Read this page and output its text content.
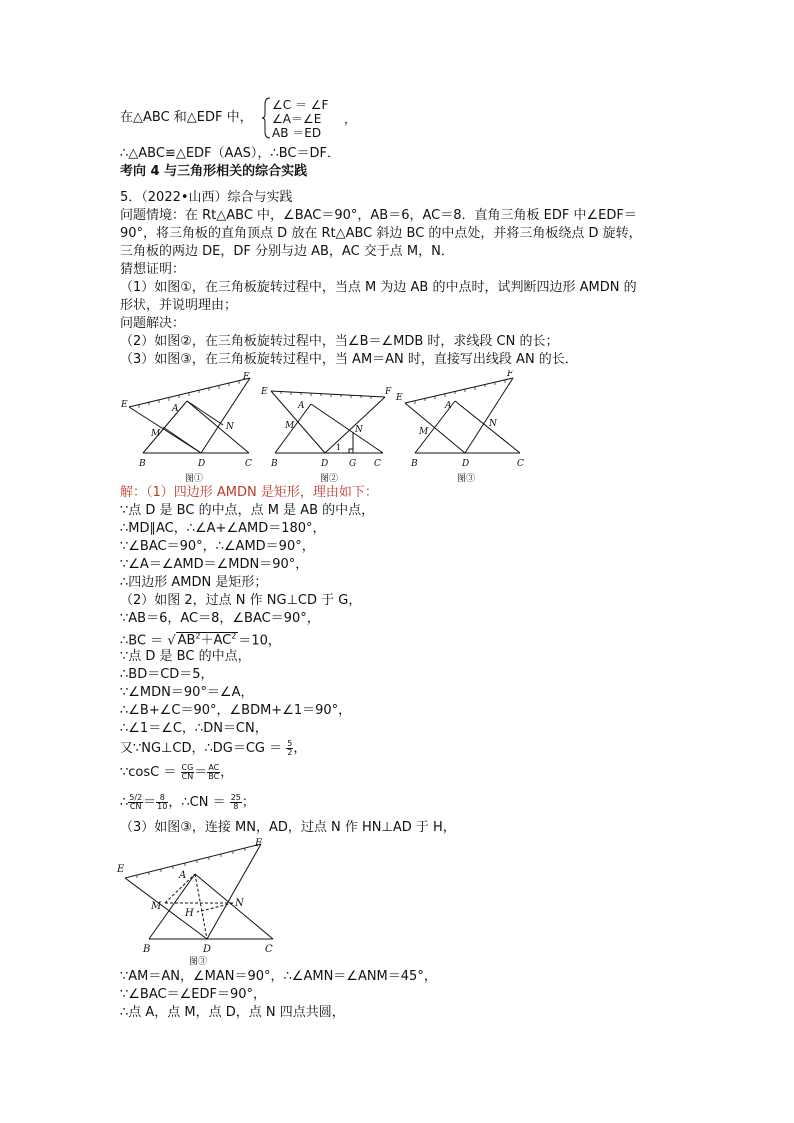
在△ABC 和△EDF 中，
∠C ＝ ∠F
∠A＝∠E
AB ＝ED
，
∴△ABC≌△EDF（AAS），∴BC＝DF．
考向 4 与三角形相关的综合实践
5．（2022•山西）综合与实践
问题情境：在 Rt△ABC 中，∠BAC＝90°，AB＝6，AC＝8．直角三角板 EDF 中∠EDF＝
90°，将三角板的直角顶点 D 放在 Rt△ABC 斜边 BC 的中点处，并将三角板绕点 D 旋转，
三角板的两边 DE，DF 分别与边 AB，AC 交于点 M，N．
猜想证明：
（1）如图①，在三角板旋转过程中，当点 M 为边 AB 的中点时，试判断四边形 AMDN 的
形状，并说明理由；
问题解决：
（2）如图②，在三角板旋转过程中，当∠B＝∠MDB 时，求线段 CN 的长；
（3）如图③，在三角板旋转过程中，当 AM＝AN 时，直接写出线段 AN 的长．
E
F
A
M
N
B	D	C
E	F
A
M	N
B	D G C
1
E
F
A
M
N
B	D	C
图①	图②	图③
解：（1）四边形 AMDN 是矩形，理由如下：
∵点 D 是 BC 的中点，点 M 是 AB 的中点，
∴MD∥AC，∴∠A+∠AMD＝180°，
∵∠BAC＝90°，∴∠AMD＝90°，
∵∠A＝∠AMD＝∠MDN＝90°，
∴四边形 AMDN 是矩形；
（2）如图 2，过点 N 作 NG⊥CD 于 G，
∵AB＝6，AC＝8，∠BAC＝90°，
∴BC ＝ √ $AB^2+AC^2 =10$，
∵点 D 是 BC 的中点，
∴BD＝CD＝5，
∵∠MDN＝90°＝∠A，
∴∠B+∠C＝90°，∠BDM+∠1＝90°，
∴∠1＝∠C，∴DN＝CN，
又∵NG⊥CD，∴DG＝CG ＝ $\frac{5}{2}$ ，
∵cosC ＝ $\frac{CG}{CN} = \frac{AC}{BC}$ ，
∴ $\frac{5/2}{CN} = \frac{8}{10}$ ，∴CN ＝ $\frac{25}{8}$ ；
（3）如图③，连接 MN，AD，过点 N 作 HN⊥AD 于 H，
E
F
A
M	N
H
B	D	C
图③
∵AM＝AN，∠MAN＝90°，∴∠AMN＝∠ANM＝45°，
∵∠BAC＝∠EDF＝90°，
∴点 A，点 M，点 D，点 N 四点共圆，
